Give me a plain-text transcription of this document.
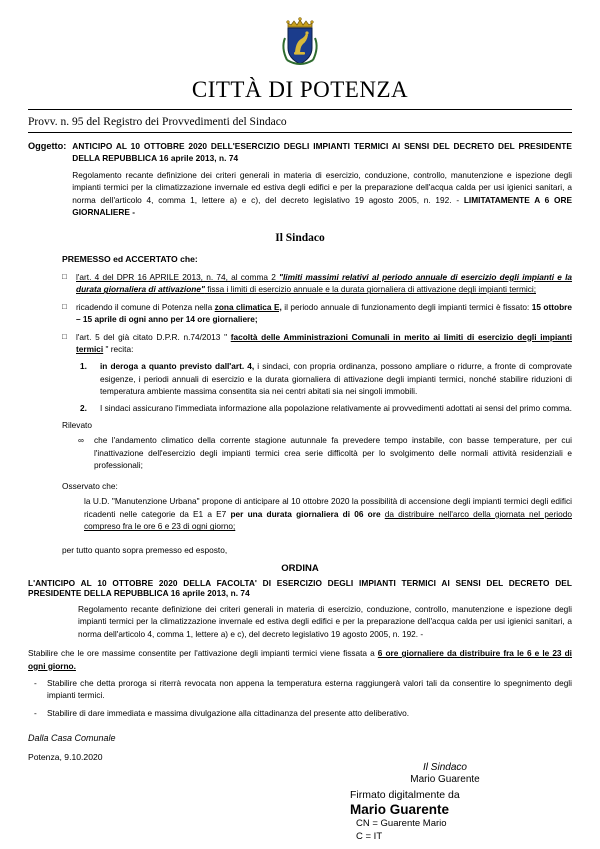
CITTÀ DI POTENZA
Provv. n. 95 del Registro dei Provvedimenti del Sindaco
Oggetto: ANTICIPO AL 10 OTTOBRE 2020 DELL'ESERCIZIO DEGLI IMPIANTI TERMICI AI SENSI DEL DECRETO DEL PRESIDENTE DELLA REPUBBLICA 16 aprile 2013, n. 74
Regolamento recante definizione dei criteri generali in materia di esercizio, conduzione, controllo, manutenzione e ispezione degli impianti termici per la climatizzazione invernale ed estiva degli edifici e per la preparazione dell'acqua calda per usi igienici sanitari, a norma dell'articolo 4, comma 1, lettere a) e c), del decreto legislativo 19 agosto 2005, n. 192. - LIMITATAMENTE A 6 ORE GIORNALIERE -
Il Sindaco
PREMESSO ed ACCERTATO che:
□	l'art. 4 del DPR 16 APRILE 2013, n. 74, al comma 2 "limiti massimi relativi al periodo annuale di esercizio degli impianti e la durata giornaliera di attivazione" fissa i limiti di esercizio annuale e la durata giornaliera di attivazione degli impianti termici;
□	ricadendo il comune di Potenza nella zona climatica E, il periodo annuale di funzionamento degli impianti termici è fissato: 15 ottobre – 15 aprile di ogni anno per 14 ore giornaliere;
□	l'art. 5 del già citato D.P.R. n.74/2013 " facoltà delle Amministrazioni Comunali in merito ai limiti di esercizio degli impianti termici " recita:
1.	in deroga a quanto previsto dall'art. 4, i sindaci, con propria ordinanza, possono ampliare o ridurre, a fronte di comprovate esigenze, i periodi annuali di esercizio e la durata giornaliera di attivazione degli impianti termici, nonché stabilire riduzioni di temperatura ambiente massima consentita sia nei centri abitati sia nei singoli immobili.
2.	I sindaci assicurano l'immediata informazione alla popolazione relativamente ai provvedimenti adottati ai sensi del primo comma.
Rilevato
∞	che l'andamento climatico della corrente stagione autunnale fa prevedere tempo instabile, con basse temperature, per cui l'inattivazione dell'esercizio degli impianti termici crea serie difficoltà per lo svolgimento delle normali attività residenziali e professionali;
Osservato che:
la U.D. "Manutenzione Urbana" propone di anticipare al 10 ottobre 2020 la possibilità di accensione degli impianti termici degli edifici ricadenti nelle categorie da E1 a E7 per una durata giornaliera di 06 ore da distribuire nell'arco della giornata nel periodo compreso fra le ore 6 e 23 di ogni giorno;
per tutto quanto sopra premesso ed esposto,
ORDINA
L'ANTICIPO AL 10 OTTOBRE 2020 DELLA FACOLTA' DI ESERCIZIO DEGLI IMPIANTI TERMICI AI SENSI DEL DECRETO DEL PRESIDENTE DELLA REPUBBLICA 16 aprile 2013, n. 74
Regolamento recante definizione dei criteri generali in materia di esercizio, conduzione, controllo, manutenzione e ispezione degli impianti termici per la climatizzazione invernale ed estiva degli edifici e per la preparazione dell'acqua calda per usi igienici sanitari, a norma dell'articolo 4, comma 1, lettere a) e c), del decreto legislativo 19 agosto 2005, n. 192. -
Stabilire che le ore massime consentite per l'attivazione degli impianti termici viene fissata a 6 ore giornaliere da distribuire fra le 6 e le 23 di ogni giorno.
-	Stabilire che detta proroga si riterrà revocata non appena la temperatura esterna raggiungerà valori tali da consentire lo spegnimento degli impianti termici.
-	Stabilire di dare immediata e massima divulgazione alla cittadinanza del presente atto deliberativo.
Dalla Casa Comunale
Potenza, 9.10.2020
Il Sindaco
Mario Guarente
Firmato digitalmente da
Mario Guarente
CN = Guarente Mario
C = IT
